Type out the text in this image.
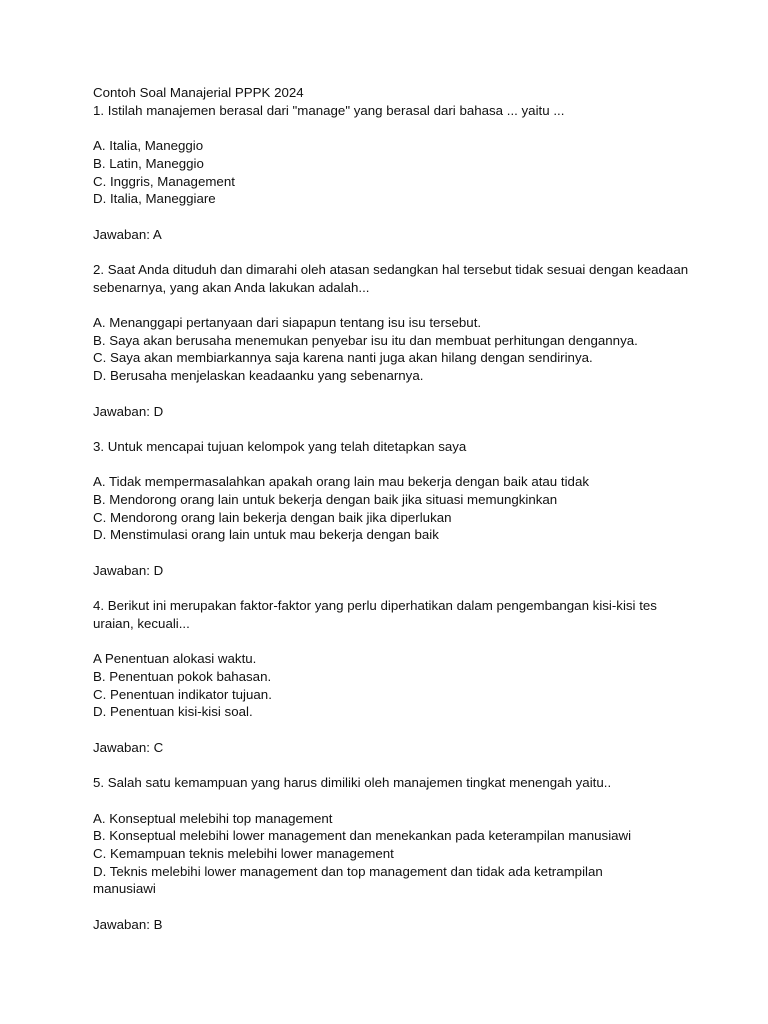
Contoh Soal Manajerial PPPK 2024
1. Istilah manajemen berasal dari "manage" yang berasal dari bahasa ... yaitu ...
A. Italia, Maneggio
B. Latin, Maneggio
C. Inggris, Management
D. Italia, Maneggiare
Jawaban: A
2. Saat Anda dituduh dan dimarahi oleh atasan sedangkan hal tersebut tidak sesuai dengan keadaan sebenarnya, yang akan Anda lakukan adalah...
A. Menanggapi pertanyaan dari siapapun tentang isu isu tersebut.
B. Saya akan berusaha menemukan penyebar isu itu dan membuat perhitungan dengannya.
C. Saya akan membiarkannya saja karena nanti juga akan hilang dengan sendirinya.
D. Berusaha menjelaskan keadaanku yang sebenarnya.
Jawaban: D
3. Untuk mencapai tujuan kelompok yang telah ditetapkan saya
A. Tidak mempermasalahkan apakah orang lain mau bekerja dengan baik atau tidak
B. Mendorong orang lain untuk bekerja dengan baik jika situasi memungkinkan
C. Mendorong orang lain bekerja dengan baik jika diperlukan
D. Menstimulasi orang lain untuk mau bekerja dengan baik
Jawaban: D
4. Berikut ini merupakan faktor-faktor yang perlu diperhatikan dalam pengembangan kisi-kisi tes uraian, kecuali...
A Penentuan alokasi waktu.
B. Penentuan pokok bahasan.
C. Penentuan indikator tujuan.
D. Penentuan kisi-kisi soal.
Jawaban: C
5. Salah satu kemampuan yang harus dimiliki oleh manajemen tingkat menengah yaitu..
A. Konseptual melebihi top management
B. Konseptual melebihi lower management dan menekankan pada keterampilan manusiawi
C. Kemampuan teknis melebihi lower management
D. Teknis melebihi lower management dan top management dan tidak ada ketrampilan manusiawi
Jawaban: B
